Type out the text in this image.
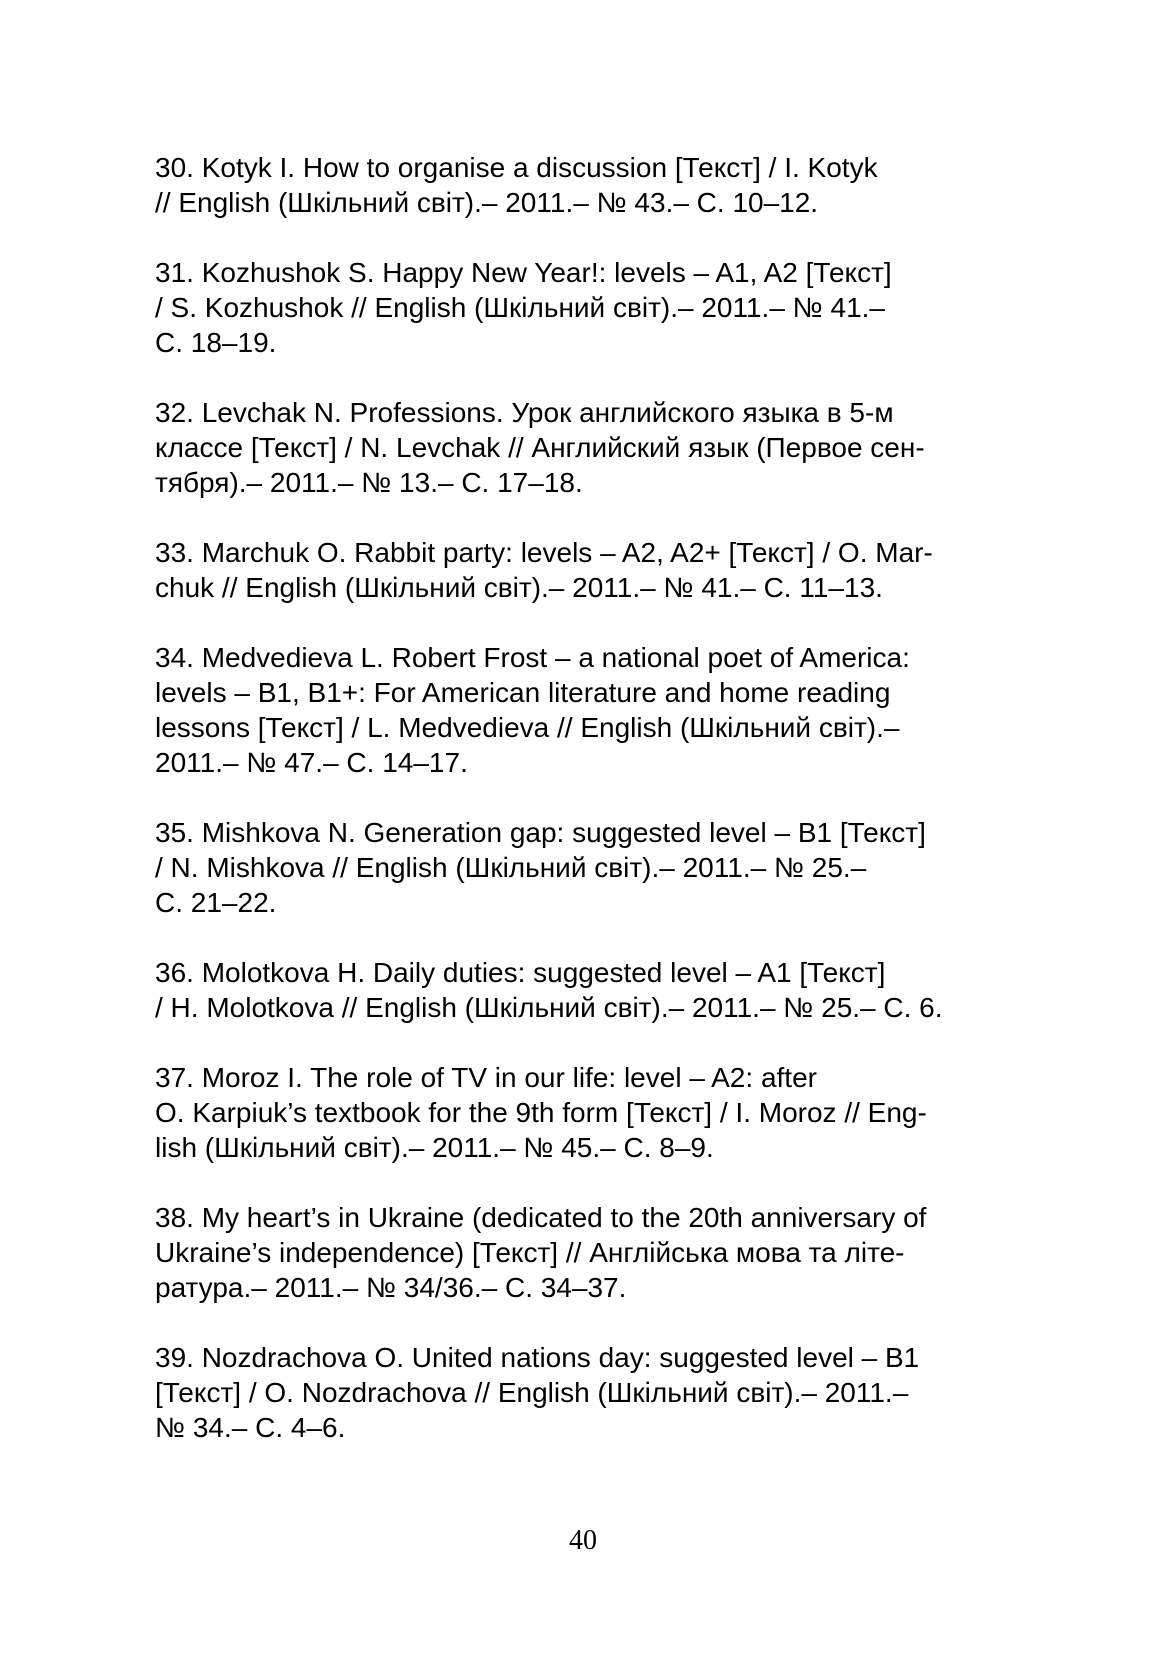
30. Kotyk I. How to organise a discussion [Текст] / I. Kotyk
// English (Шкільний світ).– 2011.– № 43.– С. 10–12.

31. Kozhushok S. Happy New Year!: levels – A1, A2 [Текст]
/ S. Kozhushok // English (Шкільний світ).– 2011.– № 41.–
С. 18–19.

32. Levchak N. Professions. Урок английского языка в 5-м
классе [Текст] / N. Levchak // Английский язык (Первое сен-
тября).– 2011.– № 13.– С. 17–18.

33. Marchuk O. Rabbit party: levels – A2, A2+ [Текст] / O. Mar-
chuk // English (Шкільний світ).– 2011.– № 41.– С. 11–13.

34. Medvedieva L. Robert Frost – a national poet of America:
levels – B1, B1+: For American literature and home reading
lessons [Текст] / L. Medvedieva // English (Шкільний світ).–
2011.– № 47.– С. 14–17.

35. Mishkova N. Generation gap: suggested level – B1 [Текст]
/ N. Mishkova // English (Шкільний світ).– 2011.– № 25.–
С. 21–22.

36. Molotkova H. Daily duties: suggested level – A1 [Текст]
/ H. Molotkova // English (Шкільний світ).– 2011.– № 25.– С. 6.

37. Moroz I. The role of TV in our life: level – A2: after
O. Karpiuk’s textbook for the 9th form [Текст] / I. Moroz // Eng-
lish (Шкільний світ).– 2011.– № 45.– С. 8–9.

38. My heart’s in Ukraine (dedicated to the 20th anniversary of
Ukraine’s independence) [Текст] // Англійська мова та літе-
ратура.– 2011.– № 34/36.– С. 34–37.

39. Nozdrachova O. United nations day: suggested level – B1
[Текст] / O. Nozdrachova // English (Шкільний світ).– 2011.–
№ 34.– С. 4–6.

40
